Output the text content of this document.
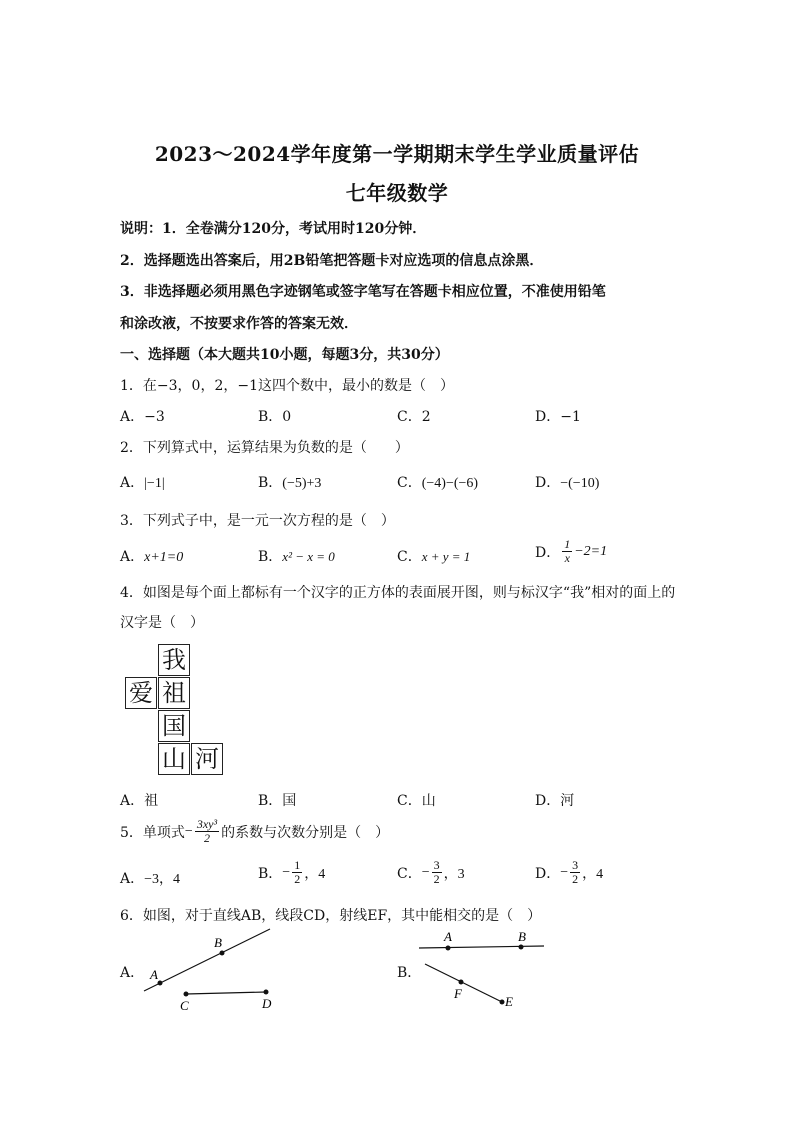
2023～2024学年度第一学期期末学生学业质量评估
七年级数学
说明：1．全卷满分120分，考试用时120分钟．
2．选择题选出答案后，用2B铅笔把答题卡对应选项的信息点涂黑．
3．非选择题必须用黑色字迹钢笔或签字笔写在答题卡相应位置，不准使用铅笔
和涂改液，不按要求作答的答案无效．
一、选择题（本大题共10小题，每题3分，共30分）
1．在−3，0，2，−1这四个数中，最小的数是（　）
A．−3	B．0	C．2	D．−1
2．下列算式中，运算结果为负数的是（　　）
A．|−1|	B．(−5)+3	C．(−4)−(−6)	D．−(−10)
3．下列式子中，是一元一次方程的是（　）
A．x+1=0	B．x² − x = 0	C．x + y = 1	D． $\frac{1}{x} -2=1$
4．如图是每个面上都标有一个汉字的正方体的表面展开图，则与标汉字“我”相对的面上的
汉字是（　）
我
爱 祖
国
山 河
A．祖	B．国	C．山	D．河
5．单项式 − $\frac{\text{3xy³}}{2}$ 的系数与次数分别是（　）
A．−3，4	B． − $\frac{1}{2}$ ，4	C． − $\frac{3}{2}$ ，3	D． − $\frac{3}{2}$ ，4
6．如图，对于直线AB，线段CD，射线EF，其中能相交的是（　）
A． A
B
C	D
B．
A	B
F
E
